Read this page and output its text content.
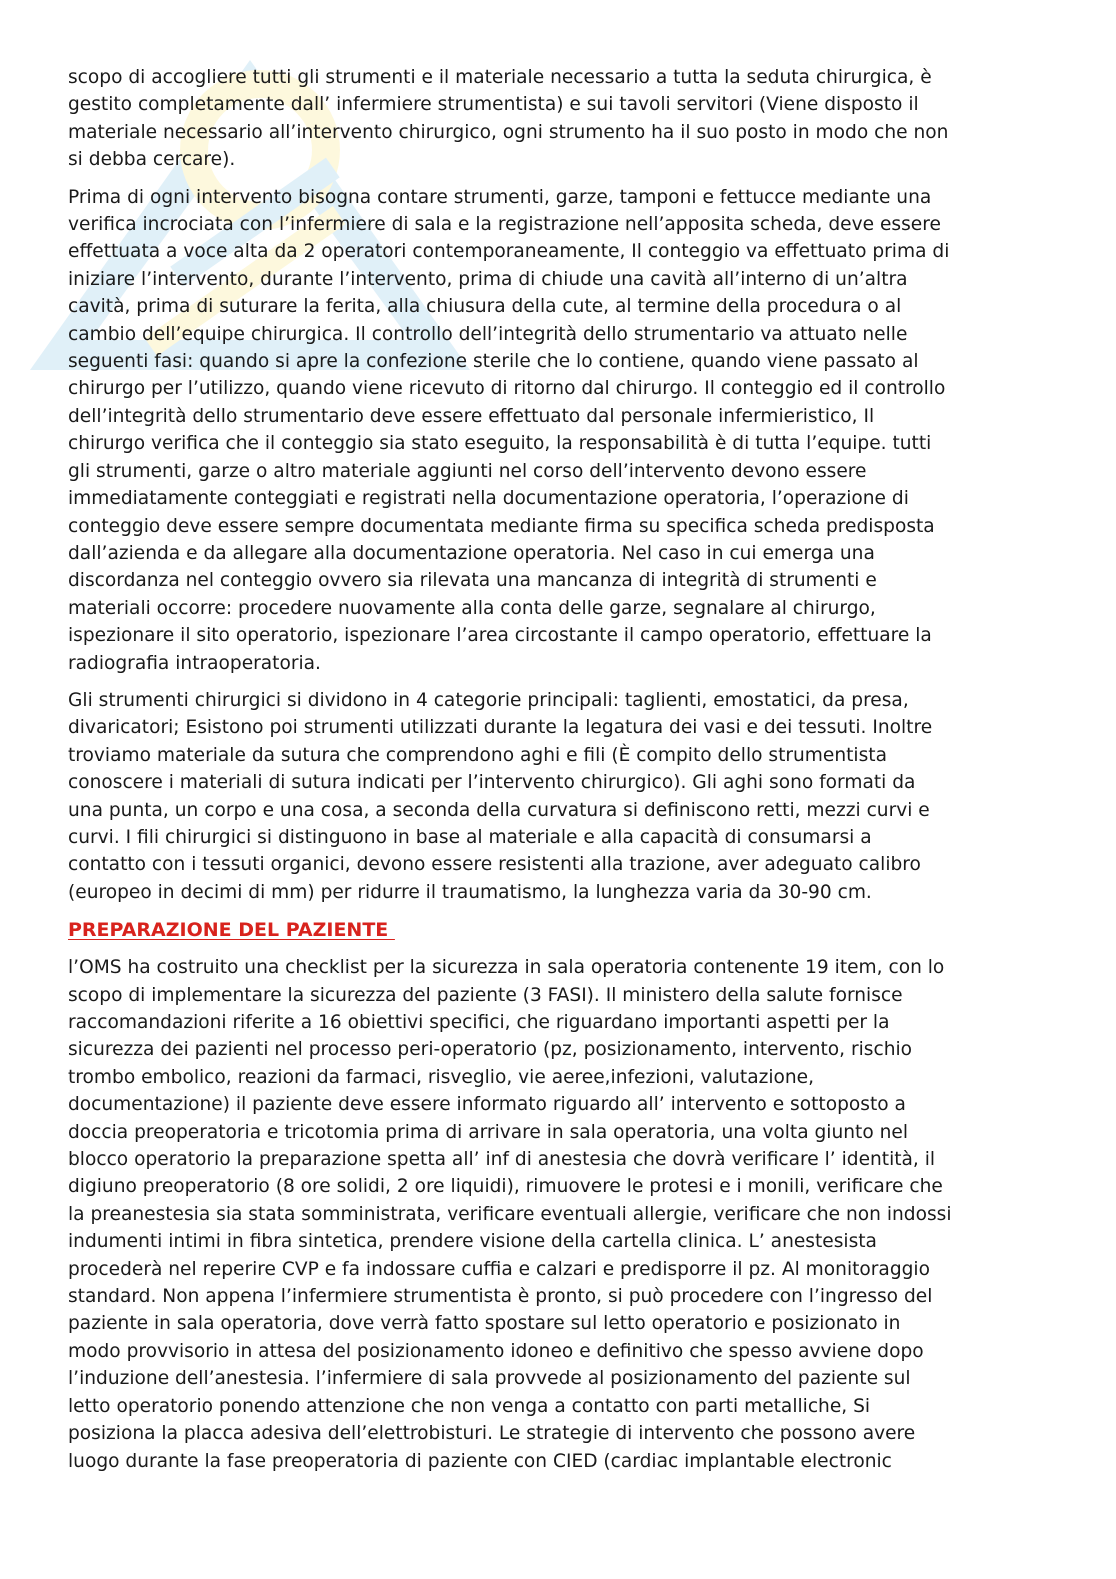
scopo di accogliere tutti gli strumenti e il materiale necessario a tutta la seduta chirurgica, è
gestito completamente dall’ infermiere strumentista) e sui tavoli servitori (Viene disposto il
materiale necessario all’intervento chirurgico, ogni strumento ha il suo posto in modo che non
si debba cercare).

Prima di ogni intervento bisogna contare strumenti, garze, tamponi e fettucce mediante una
verifica incrociata con l’infermiere di sala e la registrazione nell’apposita scheda, deve essere
effettuata a voce alta da 2 operatori contemporaneamente, Il conteggio va effettuato prima di
iniziare l’intervento, durante l’intervento, prima di chiude una cavità all’interno di un’altra
cavità, prima di suturare la ferita, alla chiusura della cute, al termine della procedura o al
cambio dell’equipe chirurgica. Il controllo dell’integrità dello strumentario va attuato nelle
seguenti fasi: quando si apre la confezione sterile che lo contiene, quando viene passato al
chirurgo per l’utilizzo, quando viene ricevuto di ritorno dal chirurgo. Il conteggio ed il controllo
dell’integrità dello strumentario deve essere effettuato dal personale infermieristico, Il
chirurgo verifica che il conteggio sia stato eseguito, la responsabilità è di tutta l’equipe. tutti
gli strumenti, garze o altro materiale aggiunti nel corso dell’intervento devono essere
immediatamente conteggiati e registrati nella documentazione operatoria, l’operazione di
conteggio deve essere sempre documentata mediante firma su specifica scheda predisposta
dall’azienda e da allegare alla documentazione operatoria. Nel caso in cui emerga una
discordanza nel conteggio ovvero sia rilevata una mancanza di integrità di strumenti e
materiali occorre: procedere nuovamente alla conta delle garze, segnalare al chirurgo,
ispezionare il sito operatorio, ispezionare l’area circostante il campo operatorio, effettuare la
radiografia intraoperatoria.

Gli strumenti chirurgici si dividono in 4 categorie principali: taglienti, emostatici, da presa,
divaricatori; Esistono poi strumenti utilizzati durante la legatura dei vasi e dei tessuti. Inoltre
troviamo materiale da sutura che comprendono aghi e fili (È compito dello strumentista
conoscere i materiali di sutura indicati per l’intervento chirurgico). Gli aghi sono formati da
una punta, un corpo e una cosa, a seconda della curvatura si definiscono retti, mezzi curvi e
curvi. I fili chirurgici si distinguono in base al materiale e alla capacità di consumarsi a
contatto con i tessuti organici, devono essere resistenti alla trazione, aver adeguato calibro
(europeo in decimi di mm) per ridurre il traumatismo, la lunghezza varia da 30-90 cm.

PREPARAZIONE DEL PAZIENTE

l’OMS ha costruito una checklist per la sicurezza in sala operatoria contenente 19 item, con lo
scopo di implementare la sicurezza del paziente (3 FASI). Il ministero della salute fornisce
raccomandazioni riferite a 16 obiettivi specifici, che riguardano importanti aspetti per la
sicurezza dei pazienti nel processo peri-operatorio (pz, posizionamento, intervento, rischio
trombo embolico, reazioni da farmaci, risveglio, vie aeree,infezioni, valutazione,
documentazione) il paziente deve essere informato riguardo all’ intervento e sottoposto a
doccia preoperatoria e tricotomia prima di arrivare in sala operatoria, una volta giunto nel
blocco operatorio la preparazione spetta all’ inf di anestesia che dovrà verificare l’ identità, il
digiuno preoperatorio (8 ore solidi, 2 ore liquidi), rimuovere le protesi e i monili, verificare che
la preanestesia sia stata somministrata, verificare eventuali allergie, verificare che non indossi
indumenti intimi in fibra sintetica, prendere visione della cartella clinica. L’ anestesista
procederà nel reperire CVP e fa indossare cuffia e calzari e predisporre il pz. Al monitoraggio
standard. Non appena l’infermiere strumentista è pronto, si può procedere con l’ingresso del
paziente in sala operatoria, dove verrà fatto spostare sul letto operatorio e posizionato in
modo provvisorio in attesa del posizionamento idoneo e definitivo che spesso avviene dopo
l’induzione dell’anestesia. l’infermiere di sala provvede al posizionamento del paziente sul
letto operatorio ponendo attenzione che non venga a contatto con parti metalliche, Si
posiziona la placca adesiva dell’elettrobisturi. Le strategie di intervento che possono avere
luogo durante la fase preoperatoria di paziente con CIED (cardiac implantable electronic
